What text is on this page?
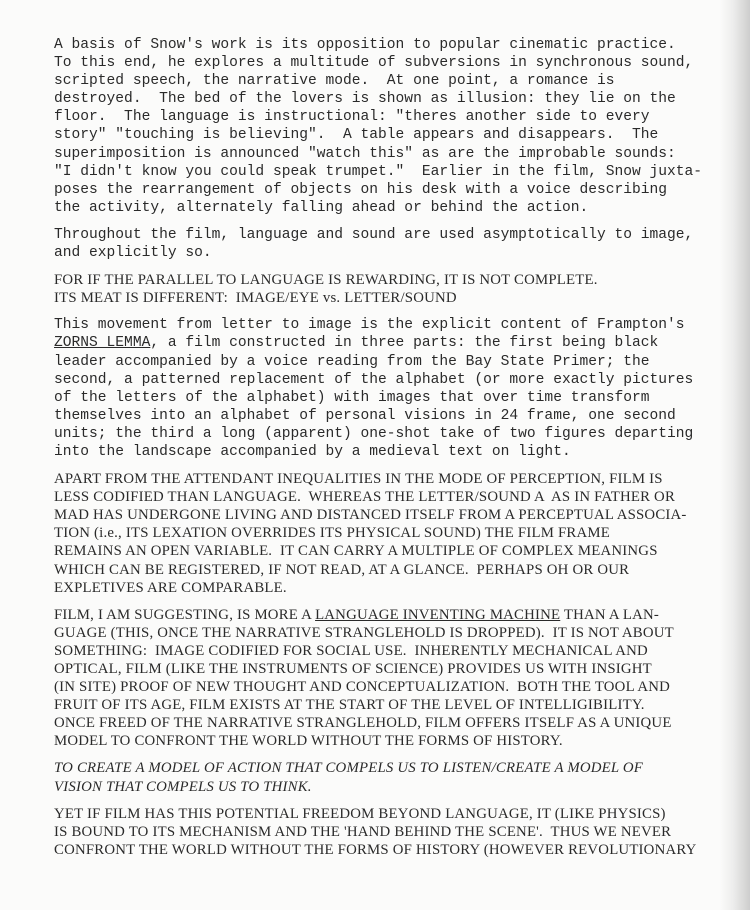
A basis of Snow's work is its opposition to popular cinematic practice.
To this end, he explores a multitude of subversions in synchronous sound,
scripted speech, the narrative mode.  At one point, a romance is
destroyed.  The bed of the lovers is shown as illusion: they lie on the
floor.  The language is instructional: "theres another side to every
story" "touching is believing".  A table appears and disappears.  The
superimposition is announced "watch this" as are the improbable sounds:
"I didn't know you could speak trumpet."  Earlier in the film, Snow juxta-
poses the rearrangement of objects on his desk with a voice describing
the activity, alternately falling ahead or behind the action.
Throughout the film, language and sound are used asymptotically to image,
and explicitly so.
FOR IF THE PARALLEL TO LANGUAGE IS REWARDING, IT IS NOT COMPLETE.
ITS MEAT IS DIFFERENT:  IMAGE/EYE vs. LETTER/SOUND
This movement from letter to image is the explicit content of Frampton's
ZORNS LEMMA, a film constructed in three parts: the first being black
leader accompanied by a voice reading from the Bay State Primer; the
second, a patterned replacement of the alphabet (or more exactly pictures
of the letters of the alphabet) with images that over time transform
themselves into an alphabet of personal visions in 24 frame, one second
units; the third a long (apparent) one-shot take of two figures departing
into the landscape accompanied by a medieval text on light.
APART FROM THE ATTENDANT INEQUALITIES IN THE MODE OF PERCEPTION, FILM IS
LESS CODIFIED THAN LANGUAGE.  WHEREAS THE LETTER/SOUND A  AS IN FATHER OR
MAD HAS UNDERGONE LIVING AND DISTANCED ITSELF FROM A PERCEPTUAL ASSOCIA-
TION (i.e., ITS LEXATION OVERRIDES ITS PHYSICAL SOUND) THE FILM FRAME
REMAINS AN OPEN VARIABLE.  IT CAN CARRY A MULTIPLE OF COMPLEX MEANINGS
WHICH CAN BE REGISTERED, IF NOT READ, AT A GLANCE.  PERHAPS OH OR OUR
EXPLETIVES ARE COMPARABLE.
FILM, I AM SUGGESTING, IS MORE A LANGUAGE INVENTING MACHINE THAN A LAN-
GUAGE (THIS, ONCE THE NARRATIVE STRANGLEHOLD IS DROPPED).  IT IS NOT ABOUT
SOMETHING:  IMAGE CODIFIED FOR SOCIAL USE.  INHERENTLY MECHANICAL AND
OPTICAL, FILM (LIKE THE INSTRUMENTS OF SCIENCE) PROVIDES US WITH INSIGHT
(IN SITE) PROOF OF NEW THOUGHT AND CONCEPTUALIZATION.  BOTH THE TOOL AND
FRUIT OF ITS AGE, FILM EXISTS AT THE START OF THE LEVEL OF INTELLIGIBILITY.
ONCE FREED OF THE NARRATIVE STRANGLEHOLD, FILM OFFERS ITSELF AS A UNIQUE
MODEL TO CONFRONT THE WORLD WITHOUT THE FORMS OF HISTORY.
TO CREATE A MODEL OF ACTION THAT COMPELS US TO LISTEN/CREATE A MODEL OF
VISION THAT COMPELS US TO THINK.
YET IF FILM HAS THIS POTENTIAL FREEDOM BEYOND LANGUAGE, IT (LIKE PHYSICS)
IS BOUND TO ITS MECHANISM AND THE 'HAND BEHIND THE SCENE'.  THUS WE NEVER
CONFRONT THE WORLD WITHOUT THE FORMS OF HISTORY (HOWEVER REVOLUTIONARY
